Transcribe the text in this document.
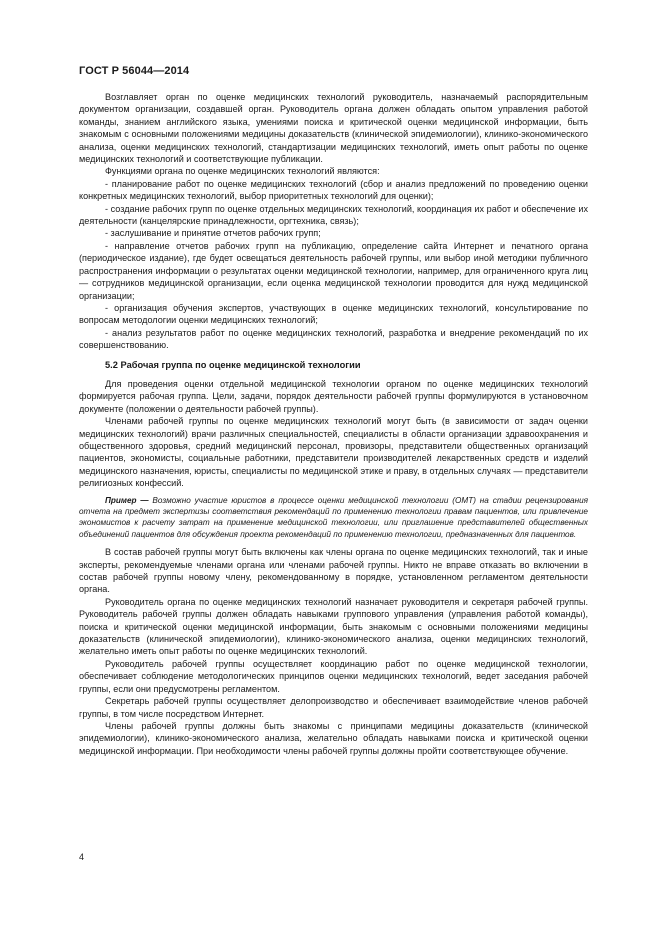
ГОСТ Р 56044—2014

Возглавляет орган по оценке медицинских технологий руководитель, назначаемый распорядительным документом организации, создавшей орган. Руководитель органа должен обладать опытом управления работой команды, знанием английского языка, умениями поиска и критической оценки медицинской информации, быть знакомым с основными положениями медицины доказательств (клинической эпидемиологии), клинико-экономического анализа, оценки медицинских технологий, стандартизации медицинских технологий, иметь опыт работы по оценке медицинских технологий и соответствующие публикации.

Функциями органа по оценке медицинских технологий являются:

- планирование работ по оценке медицинских технологий (сбор и анализ предложений по проведению оценки конкретных медицинских технологий, выбор приоритетных технологий для оценки);

- создание рабочих групп по оценке отдельных медицинских технологий, координация их работ и обеспечение их деятельности (канцелярские принадлежности, оргтехника, связь);

- заслушивание и принятие отчетов рабочих групп;

- направление отчетов рабочих групп на публикацию, определение сайта Интернет и печатного органа (периодическое издание), где будет освещаться деятельность рабочей группы, или выбор иной методики публичного распространения информации о результатах оценки медицинской технологии, например, для ограниченного круга лиц — сотрудников медицинской организации, если оценка медицинской технологии проводится для нужд медицинской организации;

- организация обучения экспертов, участвующих в оценке медицинских технологий, консультирование по вопросам методологии оценки медицинских технологий;

- анализ результатов работ по оценке медицинских технологий, разработка и внедрение рекомендаций по их совершенствованию.

5.2 Рабочая группа по оценке медицинской технологии

Для проведения оценки отдельной медицинской технологии органом по оценке медицинских технологий формируется рабочая группа. Цели, задачи, порядок деятельности рабочей группы формулируются в установочном документе (положении о деятельности рабочей группы).

Членами рабочей группы по оценке медицинских технологий могут быть (в зависимости от задач оценки медицинских технологий) врачи различных специальностей, специалисты в области организации здравоохранения и общественного здоровья, средний медицинский персонал, провизоры, представители общественных организаций пациентов, экономисты, социальные работники, представители производителей лекарственных средств и изделий медицинского назначения, юристы, специалисты по медицинской этике и праву, в отдельных случаях — представители религиозных конфессий.

Пример — Возможно участие юристов в процессе оценки медицинской технологии (ОМТ) на стадии рецензирования отчета на предмет экспертизы соответствия рекомендаций по применению технологии правам пациентов, или привлечение экономистов к расчету затрат на применение медицинской технологии, или приглашение представителей общественных объединений пациентов для обсуждения проекта рекомендаций по применению технологии, предназначенных для пациентов.

В состав рабочей группы могут быть включены как члены органа по оценке медицинских технологий, так и иные эксперты, рекомендуемые членами органа или членами рабочей группы. Никто не вправе отказать во включении в состав рабочей группы новому члену, рекомендованному в порядке, установленном регламентом деятельности органа.

Руководитель органа по оценке медицинских технологий назначает руководителя и секретаря рабочей группы. Руководитель рабочей группы должен обладать навыками группового управления (управления работой команды), поиска и критической оценки медицинской информации, быть знакомым с основными положениями медицины доказательств (клинической эпидемиологии), клинико-экономического анализа, оценки медицинских технологий, желательно иметь опыт работы по оценке медицинских технологий.

Руководитель рабочей группы осуществляет координацию работ по оценке медицинской технологии, обеспечивает соблюдение методологических принципов оценки медицинских технологий, ведет заседания рабочей группы, если они предусмотрены регламентом.

Секретарь рабочей группы осуществляет делопроизводство и обеспечивает взаимодействие членов рабочей группы, в том числе посредством Интернет.

Члены рабочей группы должны быть знакомы с принципами медицины доказательств (клинической эпидемиологии), клинико-экономического анализа, желательно обладать навыками поиска и критической оценки медицинской информации. При необходимости члены рабочей группы должны пройти соответствующее обучение.

4
